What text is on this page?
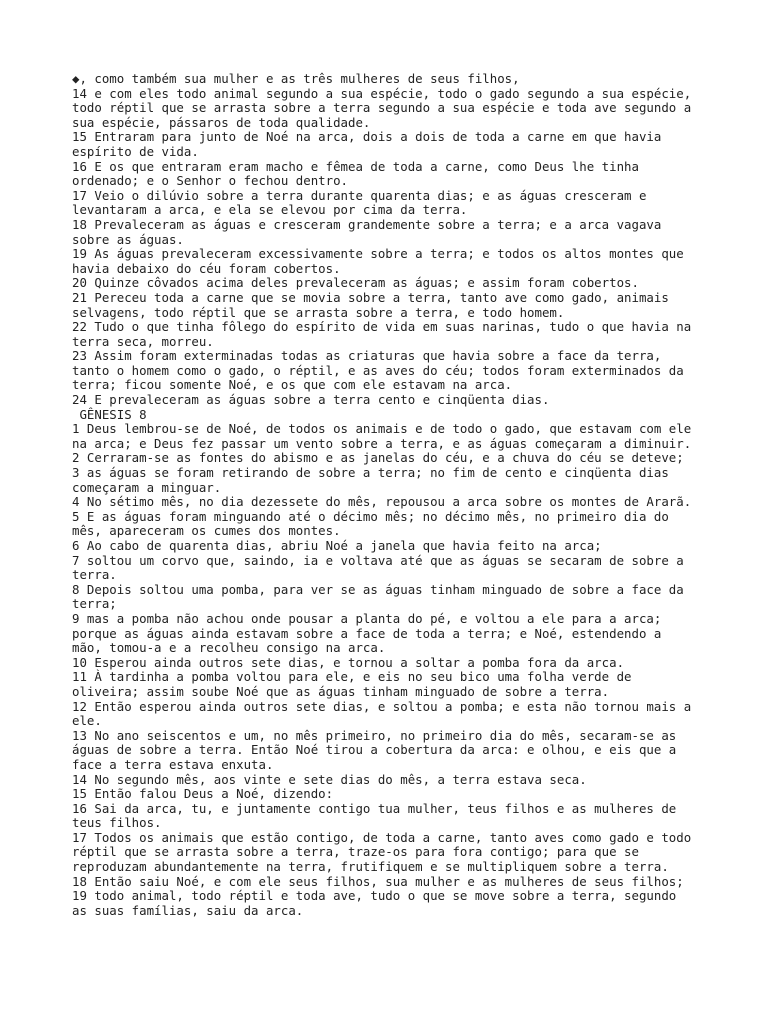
◆, como também sua mulher e as três mulheres de seus filhos,
14 e com eles todo animal segundo a sua espécie, todo o gado segundo a sua espécie,
todo réptil que se arrasta sobre a terra segundo a sua espécie e toda ave segundo a
sua espécie, pássaros de toda qualidade.
15 Entraram para junto de Noé na arca, dois a dois de toda a carne em que havia
espírito de vida.
16 E os que entraram eram macho e fêmea de toda a carne, como Deus lhe tinha
ordenado; e o Senhor o fechou dentro.
17 Veio o dilúvio sobre a terra durante quarenta dias; e as águas cresceram e
levantaram a arca, e ela se elevou por cima da terra.
18 Prevaleceram as águas e cresceram grandemente sobre a terra; e a arca vagava
sobre as águas.
19 As águas prevaleceram excessivamente sobre a terra; e todos os altos montes que
havia debaixo do céu foram cobertos.
20 Quinze côvados acima deles prevaleceram as águas; e assim foram cobertos.
21 Pereceu toda a carne que se movia sobre a terra, tanto ave como gado, animais
selvagens, todo réptil que se arrasta sobre a terra, e todo homem.
22 Tudo o que tinha fôlego do espírito de vida em suas narinas, tudo o que havia na
terra seca, morreu.
23 Assim foram exterminadas todas as criaturas que havia sobre a face da terra,
tanto o homem como o gado, o réptil, e as aves do céu; todos foram exterminados da
terra; ficou somente Noé, e os que com ele estavam na arca.
24 E prevaleceram as águas sobre a terra cento e cinqüenta dias.
GÊNESIS 8
1 Deus lembrou-se de Noé, de todos os animais e de todo o gado, que estavam com ele
na arca; e Deus fez passar um vento sobre a terra, e as águas começaram a diminuir.
2 Cerraram-se as fontes do abismo e as janelas do céu, e a chuva do céu se deteve;
3 as águas se foram retirando de sobre a terra; no fim de cento e cinqüenta dias
começaram a minguar.
4 No sétimo mês, no dia dezessete do mês, repousou a arca sobre os montes de Ararã.
5 E as águas foram minguando até o décimo mês; no décimo mês, no primeiro dia do
mês, apareceram os cumes dos montes.
6 Ao cabo de quarenta dias, abriu Noé a janela que havia feito na arca;
7 soltou um corvo que, saindo, ia e voltava até que as águas se secaram de sobre a
terra.
8 Depois soltou uma pomba, para ver se as águas tinham minguado de sobre a face da
terra;
9 mas a pomba não achou onde pousar a planta do pé, e voltou a ele para a arca;
porque as águas ainda estavam sobre a face de toda a terra; e Noé, estendendo a
mão, tomou-a e a recolheu consigo na arca.
10 Esperou ainda outros sete dias, e tornou a soltar a pomba fora da arca.
11 À tardinha a pomba voltou para ele, e eis no seu bico uma folha verde de
oliveira; assim soube Noé que as águas tinham minguado de sobre a terra.
12 Então esperou ainda outros sete dias, e soltou a pomba; e esta não tornou mais a
ele.
13 No ano seiscentos e um, no mês primeiro, no primeiro dia do mês, secaram-se as
águas de sobre a terra. Então Noé tirou a cobertura da arca: e olhou, e eis que a
face a terra estava enxuta.
14 No segundo mês, aos vinte e sete dias do mês, a terra estava seca.
15 Então falou Deus a Noé, dizendo:
16 Sai da arca, tu, e juntamente contigo tua mulher, teus filhos e as mulheres de
teus filhos.
17 Todos os animais que estão contigo, de toda a carne, tanto aves como gado e todo
réptil que se arrasta sobre a terra, traze-os para fora contigo; para que se
reproduzam abundantemente na terra, frutifiquem e se multipliquem sobre a terra.
18 Então saiu Noé, e com ele seus filhos, sua mulher e as mulheres de seus filhos;
19 todo animal, todo réptil e toda ave, tudo o que se move sobre a terra, segundo
as suas famílias, saiu da arca.
